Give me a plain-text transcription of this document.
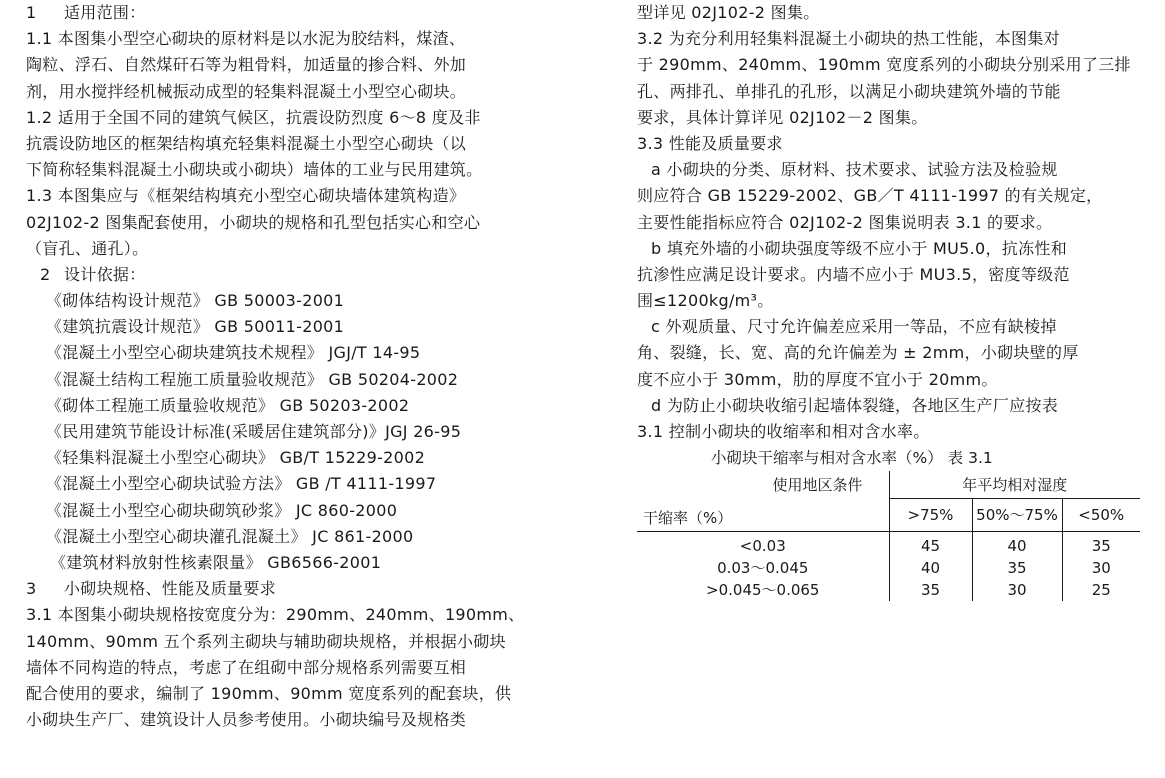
1 适用范围：
1.1 本图集小型空心砌块的原材料是以水泥为胶结料，煤渣、
陶粒、浮石、自然煤矸石等为粗骨料，加适量的掺合料、外加
剂，用水搅拌经机械振动成型的轻集料混凝土小型空心砌块。
1.2 适用于全国不同的建筑气候区，抗震设防烈度 6～8 度及非
抗震设防地区的框架结构填充轻集料混凝土小型空心砌块（以
下简称轻集料混凝土小砌块或小砌块）墙体的工业与民用建筑。
1.3 本图集应与《框架结构填充小型空心砌块墙体建筑构造》
02J102-2 图集配套使用，小砌块的规格和孔型包括实心和空心
（盲孔、通孔）。
2 设计依据：
《砌体结构设计规范》 GB 50003-2001
《建筑抗震设计规范》 GB 50011-2001
《混凝土小型空心砌块建筑技术规程》 JGJ/T 14-95
《混凝土结构工程施工质量验收规范》 GB 50204-2002
《砌体工程施工质量验收规范》 GB 50203-2002
《民用建筑节能设计标准(采暖居住建筑部分)》JGJ 26-95
《轻集料混凝土小型空心砌块》 GB/T 15229-2002
《混凝土小型空心砌块试验方法》 GB /T 4111-1997
《混凝土小型空心砌块砌筑砂浆》 JC 860-2000
《混凝土小型空心砌块灌孔混凝土》 JC 861-2000
《建筑材料放射性核素限量》 GB6566-2001
3 小砌块规格、性能及质量要求
3.1 本图集小砌块规格按宽度分为：290mm、240mm、190mm、
140mm、90mm 五个系列主砌块与辅助砌块规格，并根据小砌块
墙体不同构造的特点，考虑了在组砌中部分规格系列需要互相
配合使用的要求，编制了 190mm、90mm 宽度系列的配套块，供
小砌块生产厂、建筑设计人员参考使用。小砌块编号及规格类
型详见 02J102-2 图集。
3.2 为充分利用轻集料混凝土小砌块的热工性能，本图集对
于 290mm、240mm、190mm 宽度系列的小砌块分别采用了三排
孔、两排孔、单排孔的孔形，以满足小砌块建筑外墙的节能
要求，具体计算详见 02J102－2 图集。
3.3 性能及质量要求
a 小砌块的分类、原材料、技术要求、试验方法及检验规
则应符合 GB 15229-2002、GB／T 4111-1997 的有关规定，
主要性能指标应符合 02J102-2 图集说明表 3.1 的要求。
b 填充外墙的小砌块强度等级不应小于 MU5.0，抗冻性和
抗渗性应满足设计要求。内墙不应小于 MU3.5，密度等级范
围≤1200kg/m³。
c 外观质量、尺寸允许偏差应采用一等品，不应有缺棱掉
角、裂缝，长、宽、高的允许偏差为 ± 2mm，小砌块壁的厚
度不应小于 30mm，肋的厚度不宜小于 20mm。
d 为防止小砌块收缩引起墙体裂缝，各地区生产厂应按表
3.1 控制小砌块的收缩率和相对含水率。
小砌块干缩率与相对含水率（%） 表 3.1
使用地区条件	年平均相对湿度		
干缩率（%）	>75%	50%～75%	<50%
<0.03	45	40	35
0.03～0.045	40	35	30
>0.045～0.065	35	30	25
